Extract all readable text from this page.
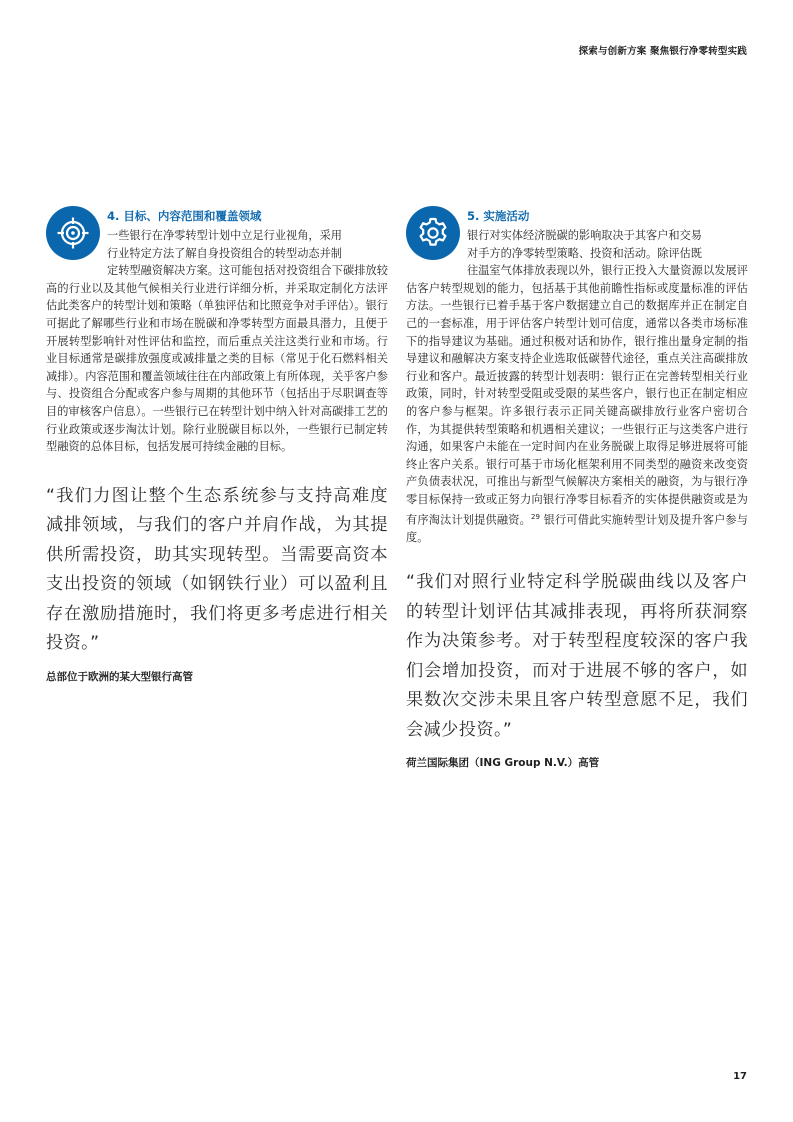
探索与创新方案 聚焦银行净零转型实践
4. 目标、内容范围和覆盖领域

一些银行在净零转型计划中立足行业视角，采用
行业特定方法了解自身投资组合的转型动态并制
定转型融资解决方案。这可能包括对投资组合下碳排放较高的行业以及其他气候相关行业进行详细分析，并采取定制化方法评估此类客户的转型计划和策略（单独评估和比照竞争对手评估）。银行可据此了解哪些行业和市场在脱碳和净零转型方面最具潜力，且便于开展转型影响针对性评估和监控，而后重点关注这类行业和市场。行业目标通常是碳排放强度或减排量之类的目标（常见于化石燃料相关减排）。内容范围和覆盖领域往往在内部政策上有所体现，关乎客户参与、投资组合分配或客户参与周期的其他环节（包括出于尽职调查等目的审核客户信息）。一些银行已在转型计划中纳入针对高碳排工艺的行业政策或逐步淘汰计划。除行业脱碳目标以外，一些银行已制定转型融资的总体目标，包括发展可持续金融的目标。

“我们力图让整个生态系统参与支持高难度减排领域，与我们的客户并肩作战，为其提供所需投资，助其实现转型。当需要高资本支出投资的领域（如钢铁行业）可以盈利且存在激励措施时，我们将更多考虑进行相关投资。”

总部位于欧洲的某大型银行高管

5. 实施活动

银行对实体经济脱碳的影响取决于其客户和交易
对手方的净零转型策略、投资和活动。除评估既
往温室气体排放表现以外，银行正投入大量资源以发展评估客户转型规划的能力，包括基于其他前瞻性指标或度量标准的评估方法。一些银行已着手基于客户数据建立自己的数据库并正在制定自己的一套标准，用于评估客户转型计划可信度，通常以各类市场标准下的指导建议为基础。通过积极对话和协作，银行推出量身定制的指导建议和融解决方案支持企业选取低碳替代途径，重点关注高碳排放行业和客户。最近披露的转型计划表明：银行正在完善转型相关行业政策，同时，针对转型受阻或受限的某些客户，银行也正在制定相应的客户参与框架。许多银行表示正同关键高碳排放行业客户密切合作，为其提供转型策略和机遇相关建议；一些银行正与这类客户进行沟通，如果客户未能在一定时间内在业务脱碳上取得足够进展将可能终止客户关系。银行可基于市场化框架利用不同类型的融资来改变资产负债表状况，可推出与新型气候解决方案相关的融资，为与银行净零目标保持一致或正努力向银行净零目标看齐的实体提供融资或是为有序淘汰计划提供融资。$^{29}$ 银行可借此实施转型计划及提升客户参与度。

“我们对照行业特定科学脱碳曲线以及客户的转型计划评估其减排表现，再将所获洞察作为决策参考。对于转型程度较深的客户我们会增加投资，而对于进展不够的客户，如果数次交涉未果且客户转型意愿不足，我们会减少投资。”

荷兰国际集团（ING Group N.V.）高管

17
